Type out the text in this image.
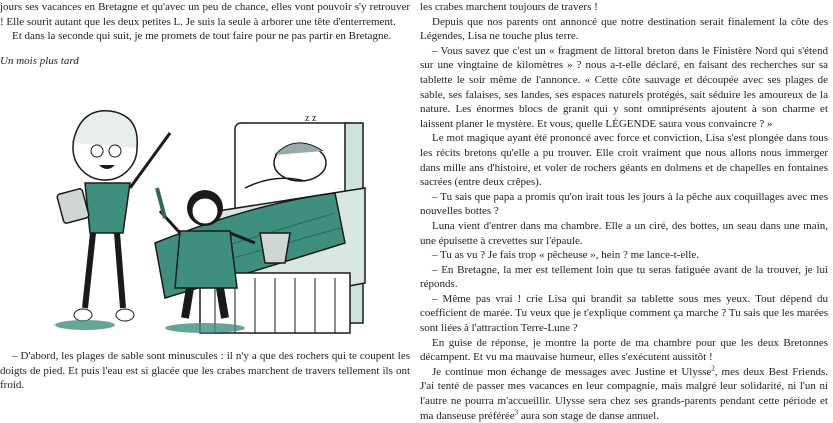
jours ses vacances en Bretagne et qu'avec un peu de chance, elles vont pouvoir s'y retrouver ! Elle sourit autant que les deux petites L. Je suis la seule à arborer une tête d'enterrement.

Et dans la seconde qui suit, je me promets de tout faire pour ne pas partir en Bretagne.

Un mois plus tard

z z

– D'abord, les plages de sable sont minuscules : il n'y a que des rochers qui te coupent les doigts de pied. Et puis l'eau est si glacée que les crabes marchent de travers tellement ils ont froid.

les crabes marchent toujours de travers !

Depuis que nos parents ont annoncé que notre destination serait finalement la côte des Légendes, Lisa ne touche plus terre.

– Vous savez que c'est un « fragment de littoral breton dans le Finistère Nord qui s'étend sur une vingtaine de kilomètres » ? nous a-t-elle déclaré, en faisant des recherches sur sa tablette le soir même de l'annonce. « Cette côte sauvage et découpée avec ses plages de sable, ses falaises, ses landes, ses espaces naturels protégés, sait séduire les amoureux de la nature. Les énormes blocs de granit qui y sont omniprésents ajoutent à son charme et laissent planer le mystère. Et vous, quelle LÉGENDE saura vous convaincre ? »

Le mot magique ayant été prononcé avec force et conviction, Lisa s'est plongée dans tous les récits bretons qu'elle a pu trouver. Elle croit vraiment que nous allons nous immerger dans mille ans d'histoire, et voler de rochers géants en dolmens et de chapelles en fontaines sacrées (entre deux crêpes).

– Tu sais que papa a promis qu'on irait tous les jours à la pêche aux coquillages avec mes nouvelles bottes ?

Luna vient d'entrer dans ma chambre. Elle a un ciré, des bottes, un seau dans une main, une épuisette à crevettes sur l'épaule.

– Tu as vu ? Je fais trop « pêcheuse », hein ? me lance-t-elle.

– En Bretagne, la mer est tellement loin que tu seras fatiguée avant de la trouver, je lui réponds.

– Même pas vrai ! crie Lisa qui brandit sa tablette sous mes yeux. Tout dépend du coefficient de marée. Tu veux que je t'explique comment ça marche ? Tu sais que les marées sont liées à l'attraction Terre-Lune ?

En guise de réponse, je montre la porte de ma chambre pour que les deux Bretonnes décampent. Et vu ma mauvaise humeur, elles s'exécutent aussitôt !

Je continue mon échange de messages avec Justine et Ulysse$^2$, mes deux Best Friends. J'ai tenté de passer mes vacances en leur compagnie, mais malgré leur solidarité, ni l'un ni l'autre ne pourra m'accueillir. Ulysse sera chez ses grands-parents pendant cette période et ma danseuse préférée$^3$ aura son stage de danse annuel.
